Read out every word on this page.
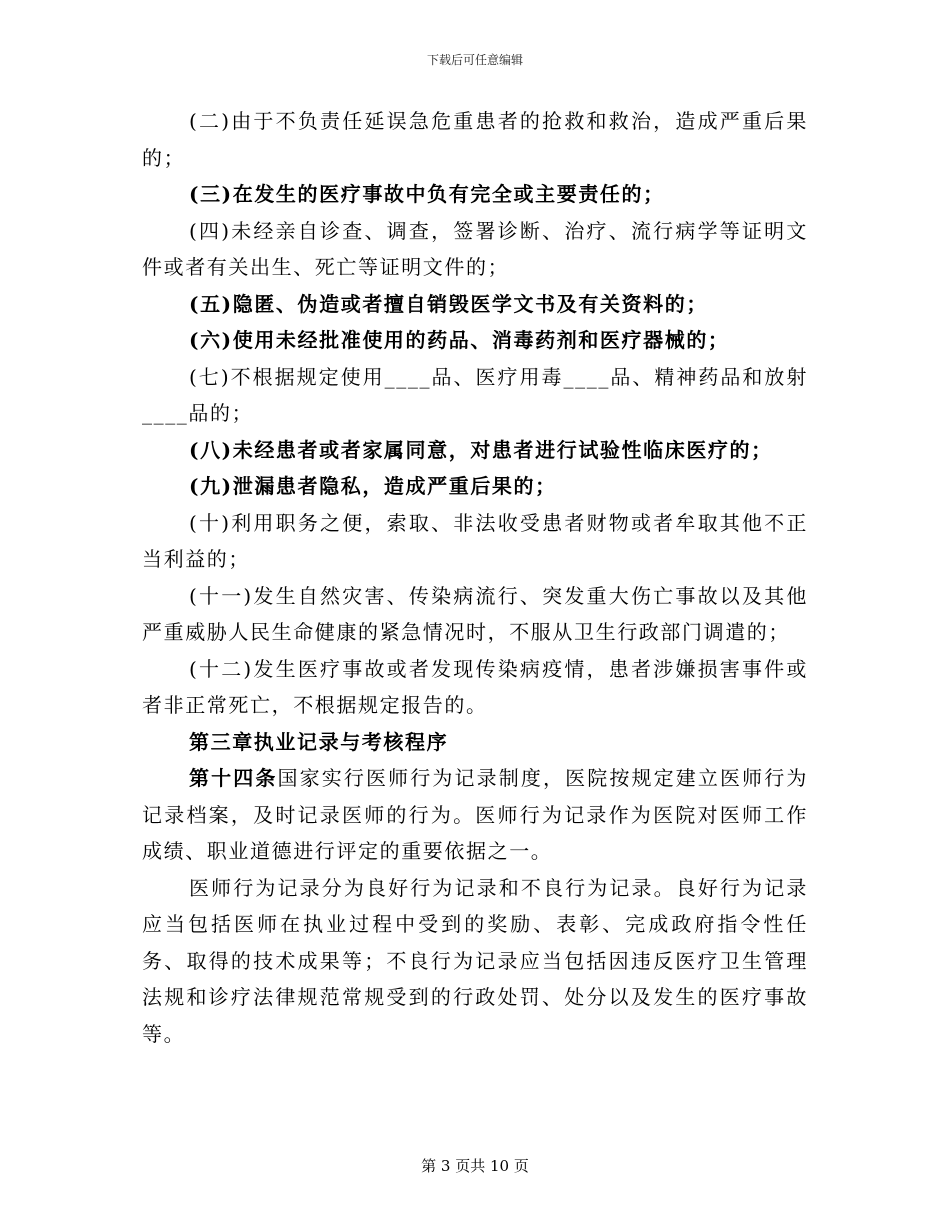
下载后可任意编辑

(二)由于不负责任延误急危重患者的抢救和救治，造成严重后果的；

(三)在发生的医疗事故中负有完全或主要责任的；

(四)未经亲自诊查、调查，签署诊断、治疗、流行病学等证明文件或者有关出生、死亡等证明文件的；

(五)隐匿、伪造或者擅自销毁医学文书及有关资料的；

(六)使用未经批准使用的药品、消毒药剂和医疗器械的；

(七)不根据规定使用____品、医疗用毒____品、精神药品和放射____品的；

(八)未经患者或者家属同意，对患者进行试验性临床医疗的；

(九)泄漏患者隐私，造成严重后果的；

(十)利用职务之便，索取、非法收受患者财物或者牟取其他不正当利益的；

(十一)发生自然灾害、传染病流行、突发重大伤亡事故以及其他严重威胁人民生命健康的紧急情况时，不服从卫生行政部门调遣的；

(十二)发生医疗事故或者发现传染病疫情，患者涉嫌损害事件或者非正常死亡，不根据规定报告的。

第三章执业记录与考核程序

第十四条国家实行医师行为记录制度，医院按规定建立医师行为记录档案，及时记录医师的行为。医师行为记录作为医院对医师工作成绩、职业道德进行评定的重要依据之一。

医师行为记录分为良好行为记录和不良行为记录。良好行为记录应当包括医师在执业过程中受到的奖励、表彰、完成政府指令性任务、取得的技术成果等；不良行为记录应当包括因违反医疗卫生管理法规和诊疗法律规范常规受到的行政处罚、处分以及发生的医疗事故等。

第 3 页共 10 页
